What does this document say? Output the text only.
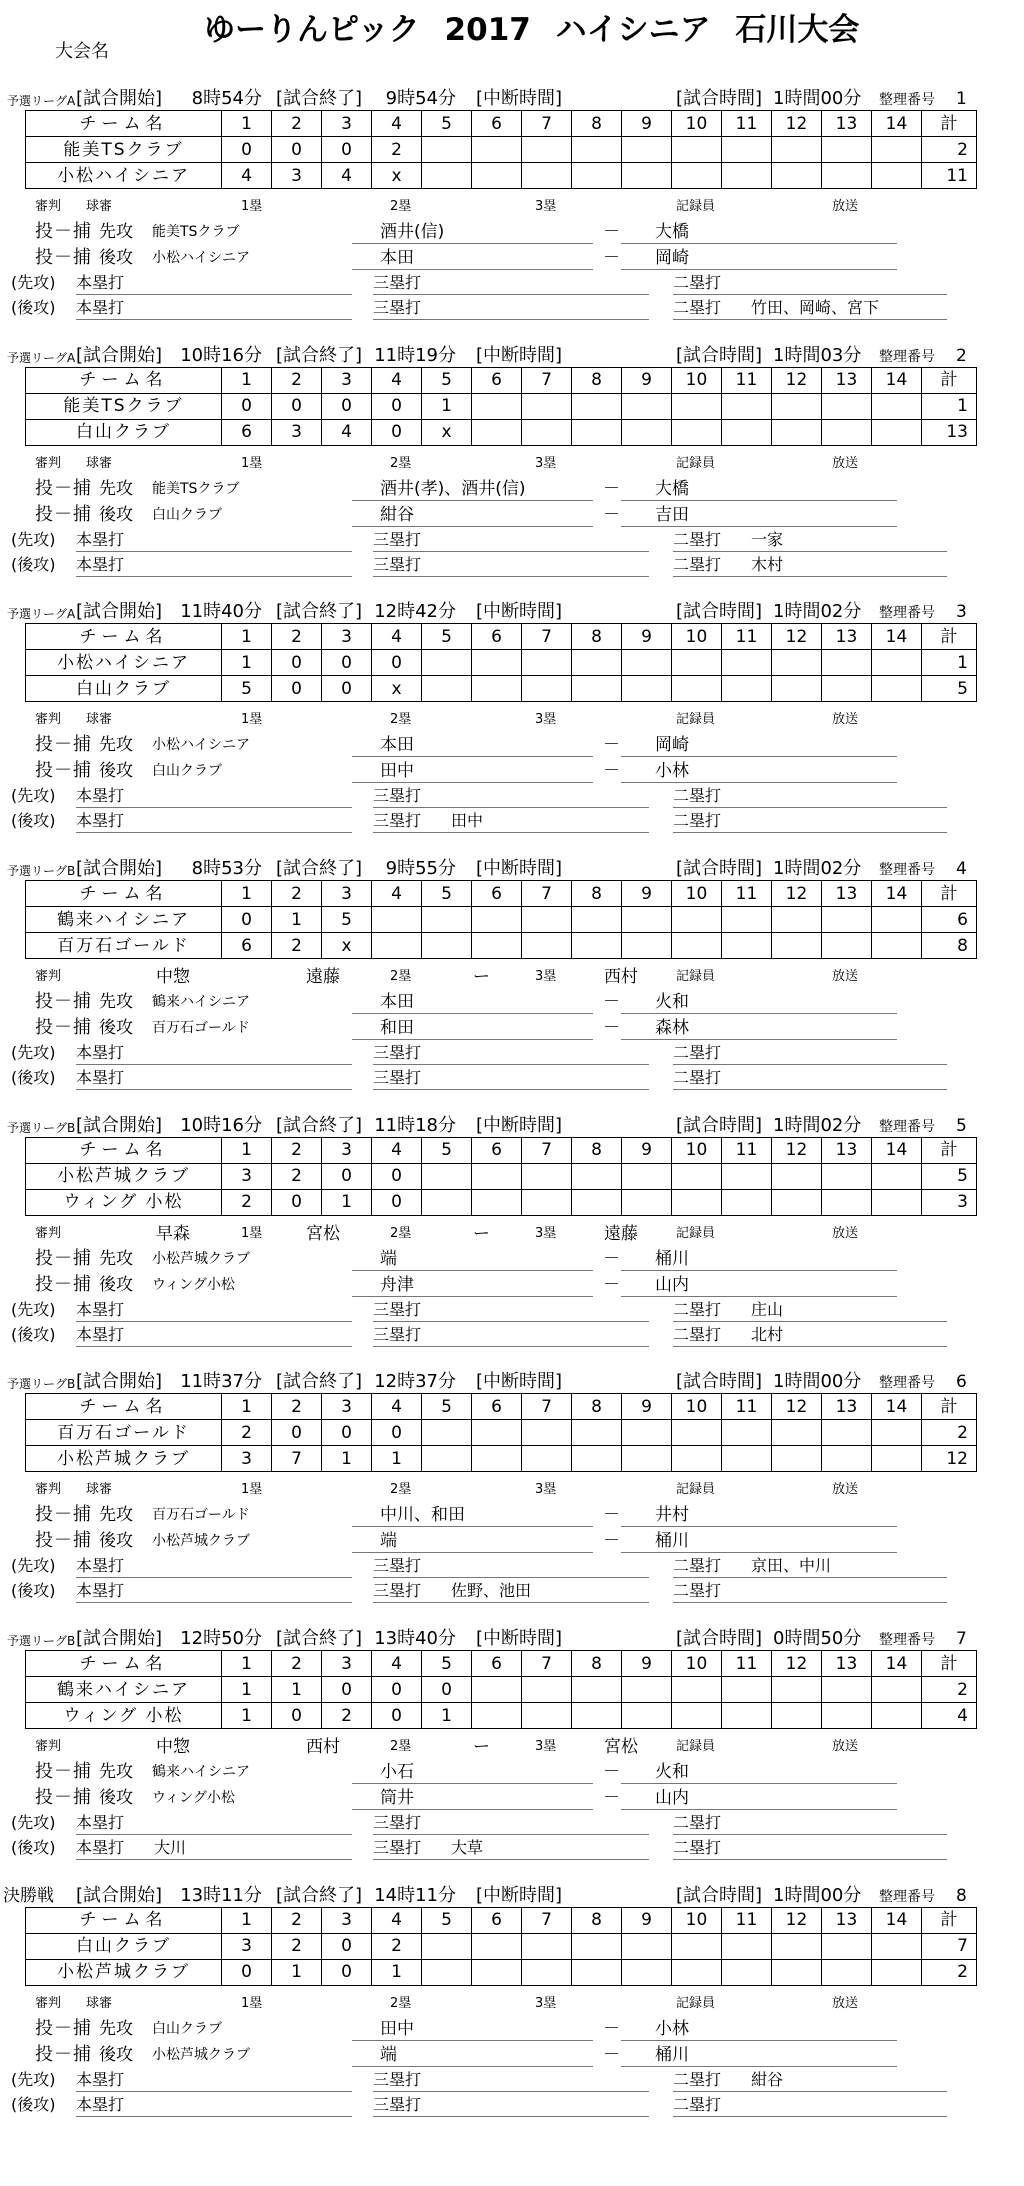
大会名
ゆーりんピック 2017 ハイシニア 石川大会
予選リーグA [試合開始]	8時54分 [試合終了]	9時54分 [中断時間]	[試合時間] 1時間00分 整理番号 1
チーム名	1	2	3	4	5	6	7	8	9	10	11	12	13	14	計
能美TSクラブ	0	0	0	2											2
小松ハイシニア	4	3	4	x											11
審判 球審	1塁	2塁	3塁	記録員	放送
投－捕 先攻 能美TSクラブ	酒井(信)	－ 大橋
投－捕 後攻 小松ハイシニア	本田	－ 岡崎
(先攻) 本塁打	三塁打	二塁打
(後攻) 本塁打	三塁打	二塁打 竹田、岡崎、宮下
予選リーグA [試合開始] 10時16分 [試合終了] 11時19分 [中断時間]	[試合時間] 1時間03分 整理番号 2
チーム名	1	2	3	4	5	6	7	8	9	10	11	12	13	14	計
能美TSクラブ	0	0	0	0	1										1
白山クラブ	6	3	4	0	x										13
審判 球審	1塁	2塁	3塁	記録員	放送
投－捕 先攻 能美TSクラブ	酒井(孝)、酒井(信)	－ 大橋
投－捕 後攻 白山クラブ	紺谷	－ 吉田
(先攻) 本塁打	三塁打	二塁打 一家
(後攻) 本塁打	三塁打	二塁打 木村
予選リーグA [試合開始] 11時40分 [試合終了] 12時42分 [中断時間]	[試合時間] 1時間02分 整理番号 3
チーム名	1	2	3	4	5	6	7	8	9	10	11	12	13	14	計
小松ハイシニア	1	0	0	0											1
白山クラブ	5	0	0	x											5
審判 球審	1塁	2塁	3塁	記録員	放送
投－捕 先攻 小松ハイシニア	本田	－ 岡崎
投－捕 後攻 白山クラブ	田中	－ 小林
(先攻) 本塁打	三塁打	二塁打
(後攻) 本塁打	三塁打 田中	二塁打
予選リーグB [試合開始]	8時53分 [試合終了]	9時55分 [中断時間]	[試合時間] 1時間02分 整理番号 4
チーム名	1	2	3	4	5	6	7	8	9	10	11	12	13	14	計
鶴来ハイシニア	0	1	5												6
百万石ゴールド	6	2	x												8
審判	中惣	遠藤	2塁	ー	3塁	西村	記録員	放送
投－捕 先攻 鶴来ハイシニア	本田	－ 火和
投－捕 後攻 百万石ゴールド	和田	－ 森林
(先攻) 本塁打	三塁打	二塁打
(後攻) 本塁打	三塁打	二塁打
予選リーグB [試合開始] 10時16分 [試合終了] 11時18分 [中断時間]	[試合時間] 1時間02分 整理番号 5
チーム名	1	2	3	4	5	6	7	8	9	10	11	12	13	14	計
小松芦城クラブ	3	2	0	0											5
ウィング 小松	2	0	1	0											3
審判	早森	1塁	宮松	2塁	ー	3塁	遠藤	記録員	放送
投－捕 先攻 小松芦城クラブ	端	－ 桶川
投－捕 後攻 ウィング小松	舟津	－ 山内
(先攻) 本塁打	三塁打	二塁打 庄山
(後攻) 本塁打	三塁打	二塁打 北村
予選リーグB [試合開始] 11時37分 [試合終了] 12時37分 [中断時間]	[試合時間] 1時間00分 整理番号 6
チーム名	1	2	3	4	5	6	7	8	9	10	11	12	13	14	計
百万石ゴールド	2	0	0	0											2
小松芦城クラブ	3	7	1	1											12
審判 球審	1塁	2塁	3塁	記録員	放送
投－捕 先攻 百万石ゴールド	中川、和田	－ 井村
投－捕 後攻 小松芦城クラブ	端	－ 桶川
(先攻) 本塁打	三塁打	二塁打 京田、中川
(後攻) 本塁打	三塁打 佐野、池田	二塁打
予選リーグB [試合開始] 12時50分 [試合終了] 13時40分 [中断時間]	[試合時間] 0時間50分 整理番号 7
チーム名	1	2	3	4	5	6	7	8	9	10	11	12	13	14	計
鶴来ハイシニア	1	1	0	0	0										2
ウィング 小松	1	0	2	0	1										4
審判	中惣	西村	2塁	ー	3塁	宮松	記録員	放送
投－捕 先攻 鶴来ハイシニア	小石	－ 火和
投－捕 後攻 ウィング小松	筒井	－ 山内
(先攻) 本塁打	三塁打	二塁打
(後攻) 本塁打 大川	三塁打 大草	二塁打
決勝戦 [試合開始] 13時11分 [試合終了] 14時11分 [中断時間]	[試合時間] 1時間00分 整理番号 8
チーム名	1	2	3	4	5	6	7	8	9	10	11	12	13	14	計
白山クラブ	3	2	0	2											7
小松芦城クラブ	0	1	0	1											2
審判 球審	1塁	2塁	3塁	記録員	放送
投－捕 先攻 白山クラブ	田中	－ 小林
投－捕 後攻 小松芦城クラブ	端	－ 桶川
(先攻) 本塁打	三塁打	二塁打 紺谷
(後攻) 本塁打	三塁打	二塁打
